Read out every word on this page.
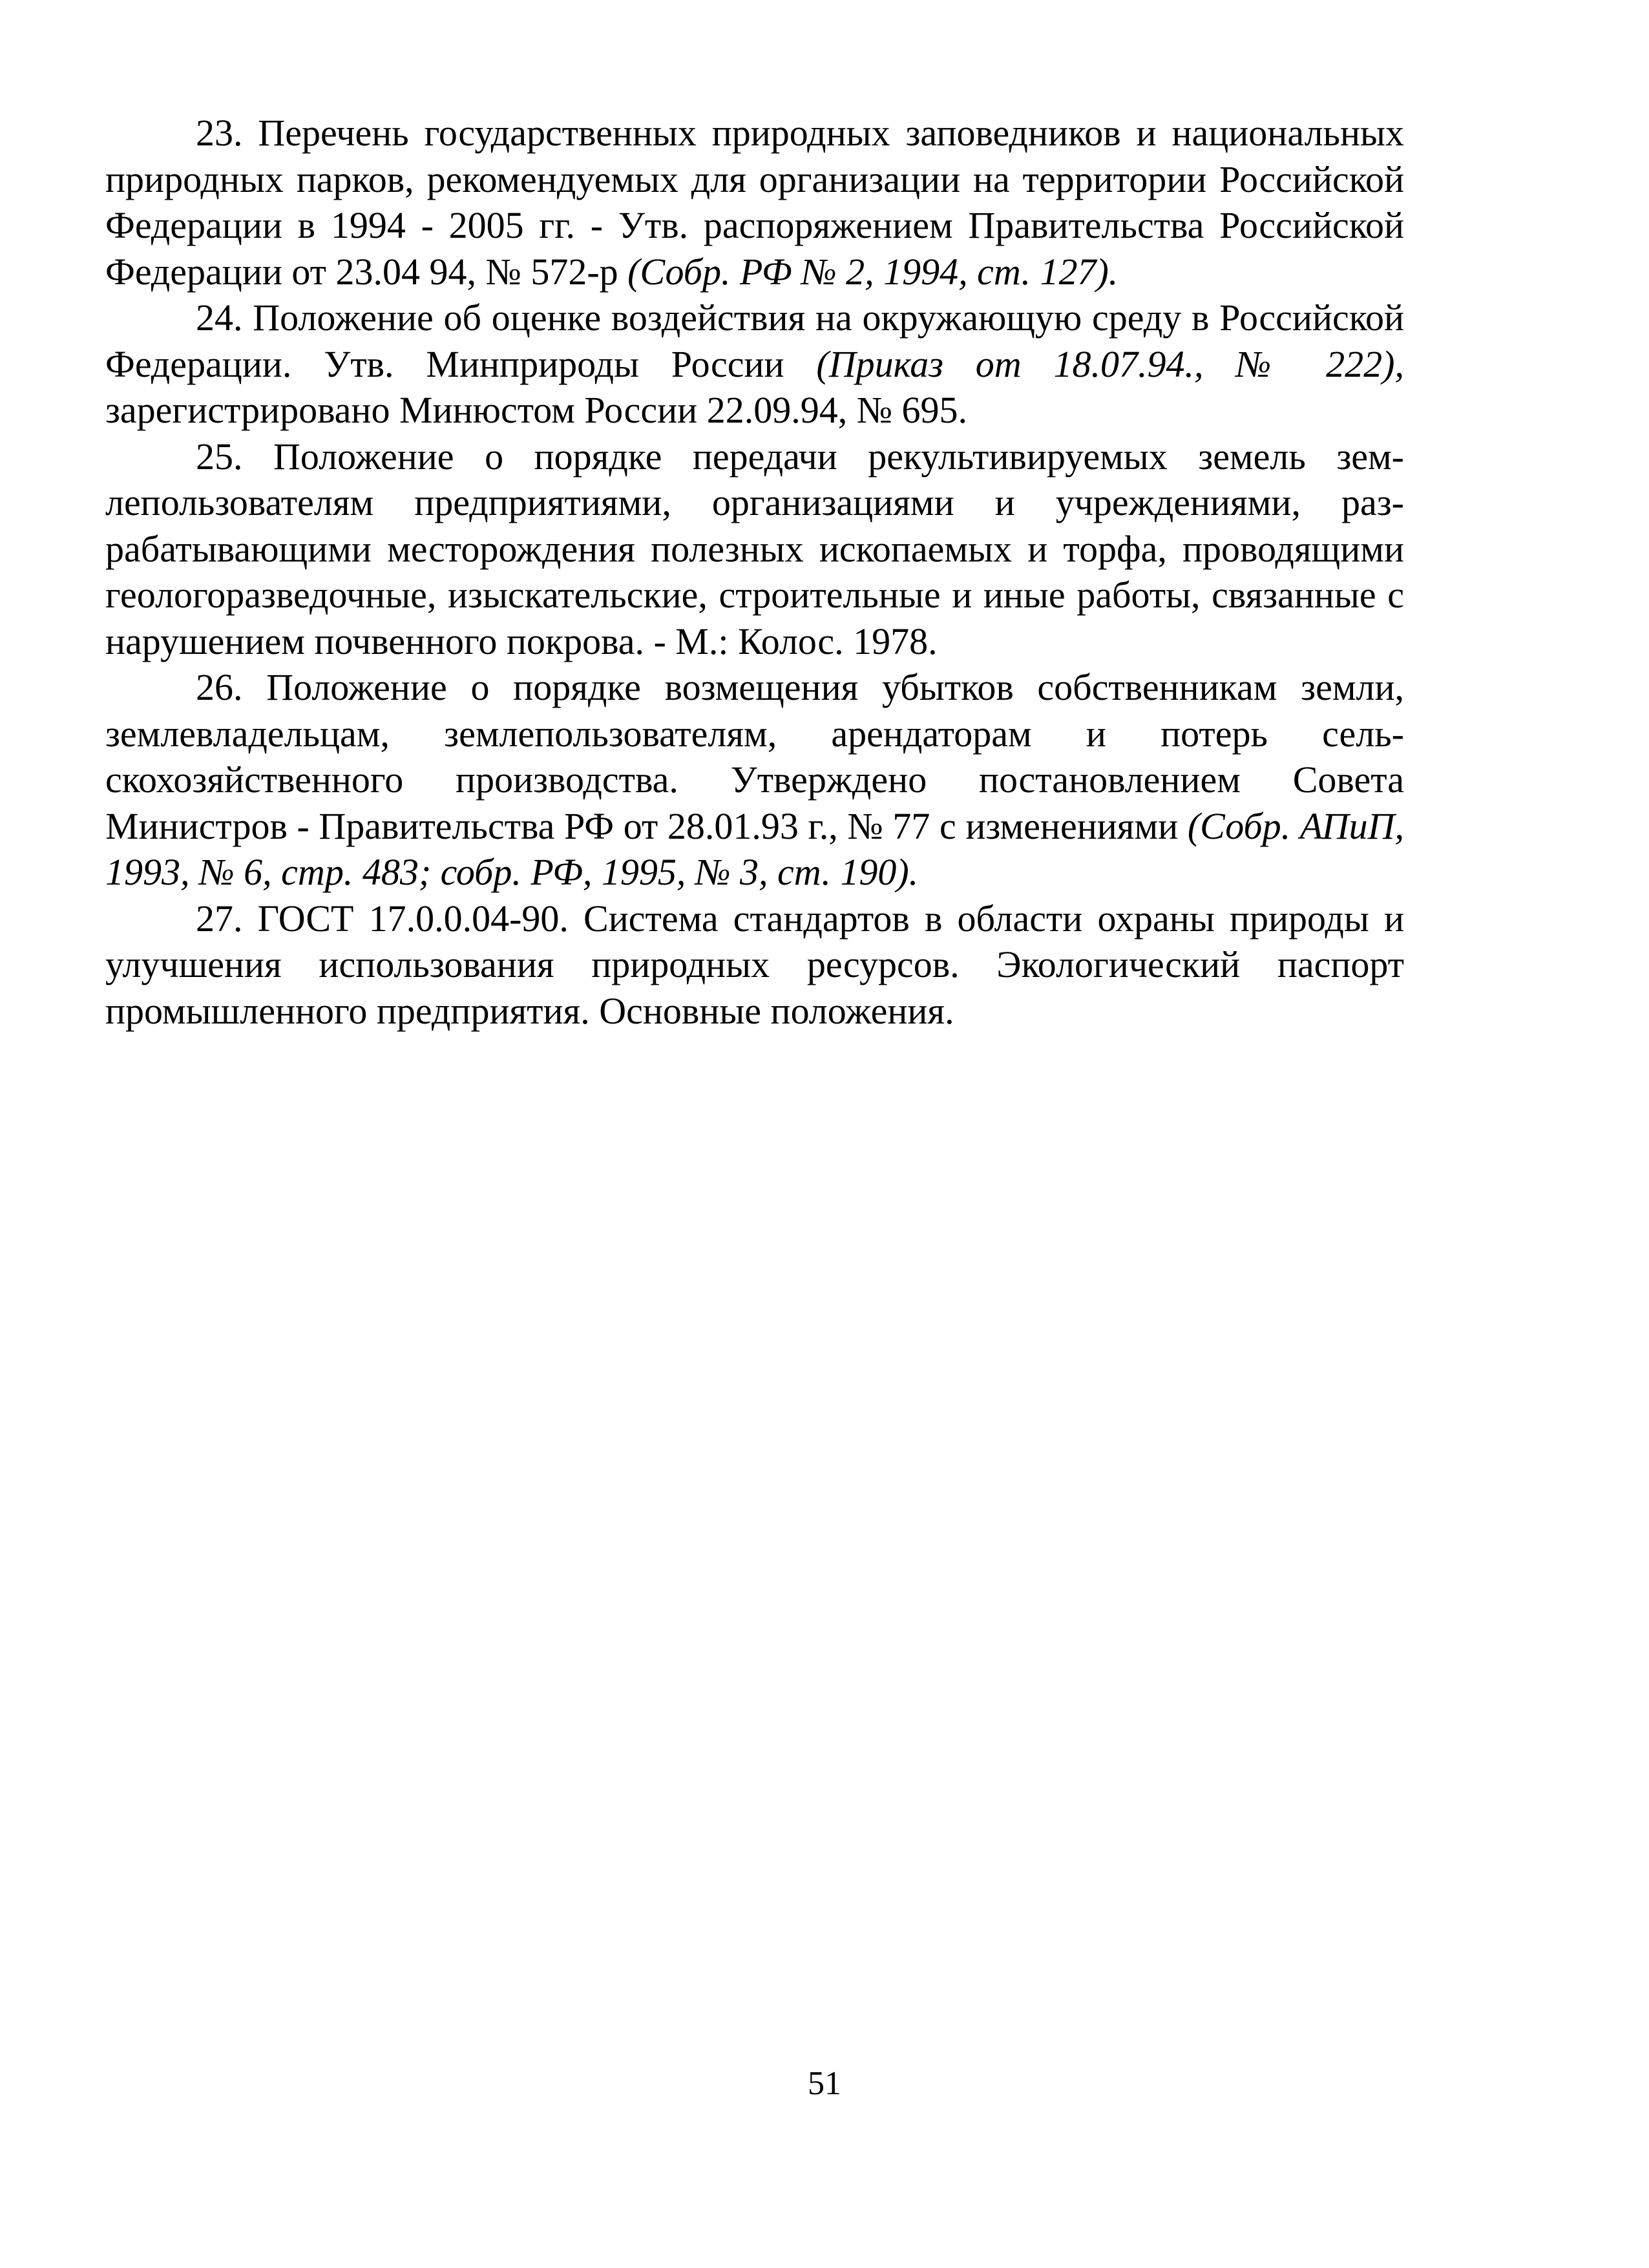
23. Перечень государственных природных заповедников и национальных природных парков, рекомендуемых для организации на территории Российской Федерации в 1994 - 2005 гг. - Утв. распоряжением Правительства Российской Федерации от 23.04 94, № 572-р (Собр. РФ № 2, 1994, ст. 127).

24. Положение об оценке воздействия на окружающую среду в Российской Федерации. Утв. Минприроды России (Приказ от 18.07.94., № 222), зарегистрировано Минюстом России 22.09.94, № 695.

25. Положение о порядке передачи рекультивируемых земель землепользователям предприятиями, организациями и учреждениями, разрабатывающими месторождения полезных ископаемых и торфа, проводящими геологоразведочные, изыскательские, строительные и иные работы, связанные с нарушением почвенного покрова. - М.: Колос. 1978.

26. Положение о порядке возмещения убытков собственникам земли, землевладельцам, землепользователям, арендаторам и потерь сельскохозяйственного производства. Утверждено постановлением Совета Министров - Правительства РФ от 28.01.93 г., № 77 с изменениями (Собр. АПиП, 1993, № 6, стр. 483; собр. РФ, 1995, № 3, ст. 190).

27. ГОСТ 17.0.0.04-90. Система стандартов в области охраны природы и улучшения использования природных ресурсов. Экологический паспорт промышленного предприятия. Основные положения.

51
